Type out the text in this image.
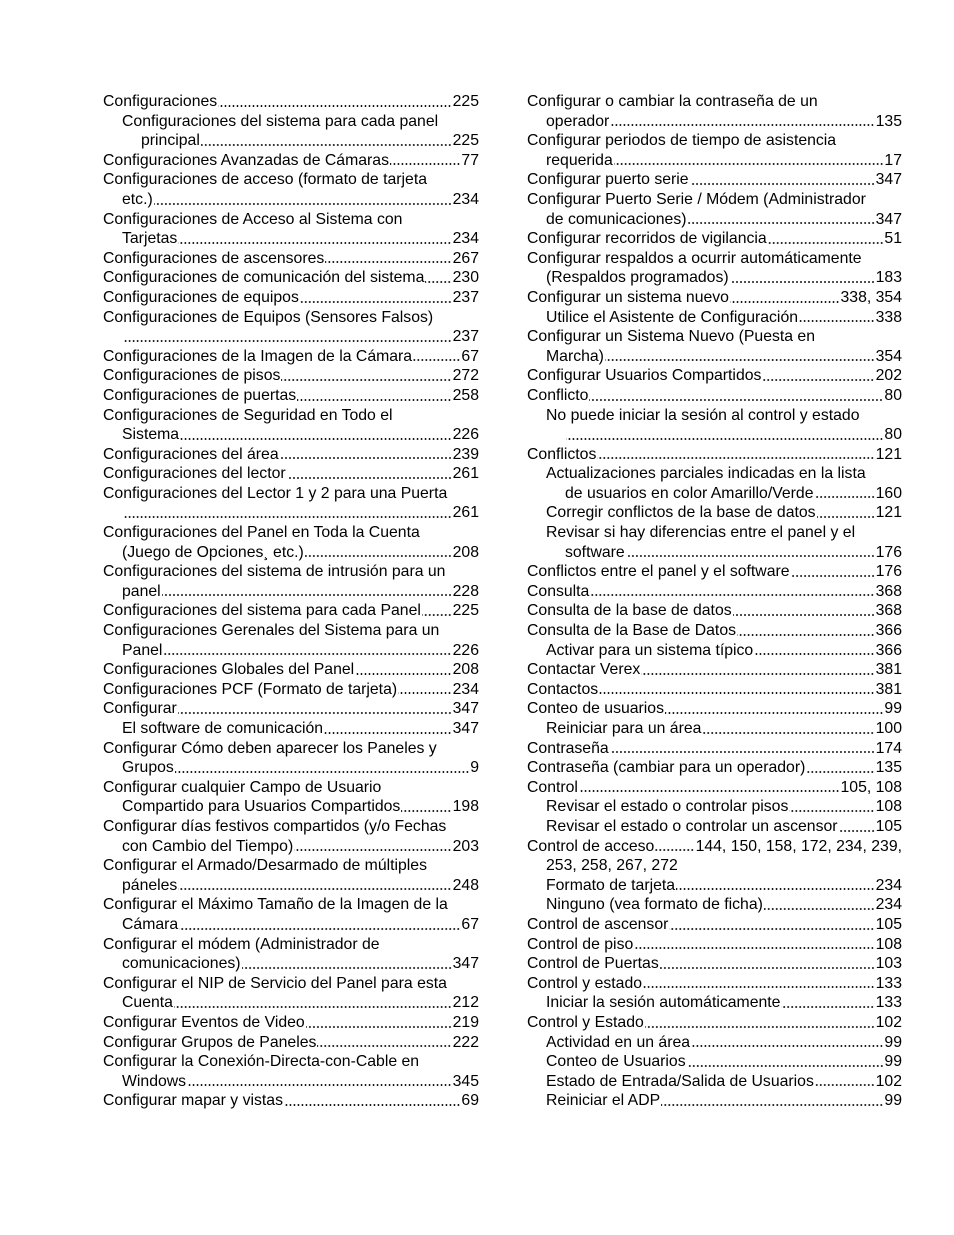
Configuraciones	225
Configuraciones del sistema para cada panel
principal	225
Configuraciones Avanzadas de Cámaras	77
Configuraciones de acceso (formato de tarjeta
etc.)	234
Configuraciones de Acceso al Sistema con
Tarjetas	234
Configuraciones de ascensores	267
Configuraciones de comunicación del sistema 230
Configuraciones de equipos	237
Configuraciones de Equipos (Sensores Falsos)
237
Configuraciones de la Imagen de la Cámara	67
Configuraciones de pisos	272
Configuraciones de puertas	258
Configuraciones de Seguridad en Todo el
Sistema	226
Configuraciones del área	239
Configuraciones del lector	261
Configuraciones del Lector 1 y 2 para una Puerta
261
Configuraciones del Panel en Toda la Cuenta
(Juego de Opciones¸ etc.)	208
Configuraciones del sistema de intrusión para un
panel	228
Configuraciones del sistema para cada Panel 225
Configuraciones Gerenales del Sistema para un
Panel	226
Configuraciones Globales del Panel	208
Configuraciones PCF (Formato de tarjeta)	234
Configurar	347
El software de comunicación	347
Configurar Cómo deben aparecer los Paneles y
Grupos	9
Configurar cualquier Campo de Usuario
Compartido para Usuarios Compartidos	198
Configurar días festivos compartidos (y/o Fechas
con Cambio del Tiempo)	203
Configurar el Armado/Desarmado de múltiples
páneles	248
Configurar el Máximo Tamaño de la Imagen de la
Cámara	67
Configurar el módem (Administrador de
comunicaciones)	347
Configurar el NIP de Servicio del Panel para esta
Cuenta	212
Configurar Eventos de Video	219
Configurar Grupos de Paneles	222
Configurar la Conexión-Directa-con-Cable en
Windows	345
Configurar mapar y vistas	69
Configurar o cambiar la contraseña de un
operador	135
Configurar periodos de tiempo de asistencia
requerida	17
Configurar puerto serie	347
Configurar Puerto Serie / Módem (Administrador
de comunicaciones)	347
Configurar recorridos de vigilancia	51
Configurar respaldos a ocurrir automáticamente
(Respaldos programados)	183
Configurar un sistema nuevo	338, 354
Utilice el Asistente de Configuración	338
Configurar un Sistema Nuevo (Puesta en
Marcha)	354
Configurar Usuarios Compartidos	202
Conflicto	80
No puede iniciar la sesión al control y estado
80
Conflictos	121
Actualizaciones parciales indicadas en la lista
de usuarios en color Amarillo/Verde	160
Corregir conflictos de la base de datos	121
Revisar si hay diferencias entre el panel y el
software	176
Conflictos entre el panel y el software	176
Consulta	368
Consulta de la base de datos	368
Consulta de la Base de Datos	366
Activar para un sistema típico	366
Contactar Verex	381
Contactos	381
Conteo de usuarios	99
Reiniciar para un área	100
Contraseña	174
Contraseña (cambiar para un operador)	135
Control	105, 108
Revisar el estado o controlar pisos	108
Revisar el estado o controlar un ascensor 105
Control de acceso	144, 150, 158, 172, 234, 239,
253, 258, 267, 272
Formato de tarjeta	234
Ninguno (vea formato de ficha)	234
Control de ascensor	105
Control de piso	108
Control de Puertas	103
Control y estado	133
Iniciar la sesión automáticamente	133
Control y Estado	102
Actividad en un área	99
Conteo de Usuarios	99
Estado de Entrada/Salida de Usuarios	102
Reiniciar el ADP	99
